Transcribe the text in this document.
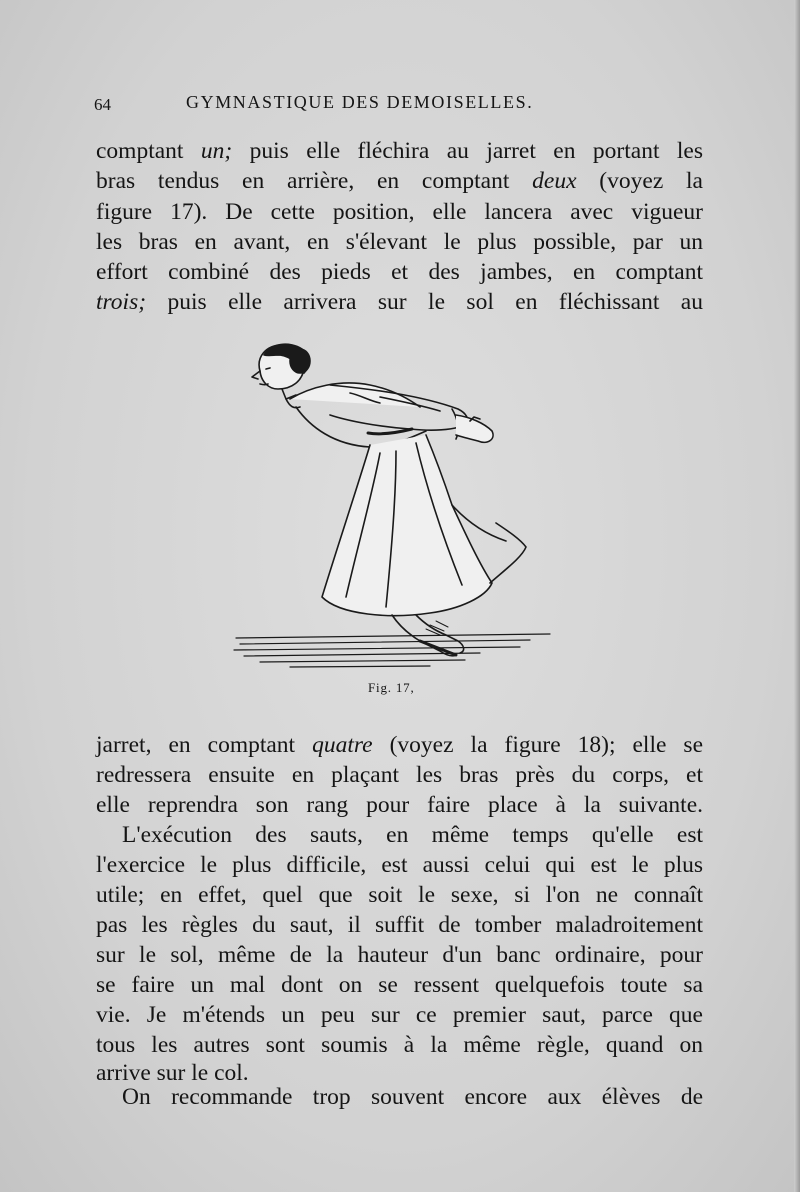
64	GYMNASTIQUE DES DEMOISELLES.
comptant un; puis elle fléchira au jarret en portant les
bras tendus en arrière, en comptant deux (voyez la
figure 17). De cette position, elle lancera avec vigueur
les bras en avant, en s'élevant le plus possible, par un
effort combiné des pieds et des jambes, en comptant
trois; puis elle arrivera sur le sol en fléchissant au
Fig. 17,
jarret, en comptant quatre (voyez la figure 18); elle se
redressera ensuite en plaçant les bras près du corps, et
elle reprendra son rang pour faire place à la suivante.
L'exécution des sauts, en même temps qu'elle est
l'exercice le plus difficile, est aussi celui qui est le plus
utile; en effet, quel que soit le sexe, si l'on ne connaît
pas les règles du saut, il suffit de tomber maladroitement
sur le sol, même de la hauteur d'un banc ordinaire, pour
se faire un mal dont on se ressent quelquefois toute sa
vie. Je m'étends un peu sur ce premier saut, parce que
tous les autres sont soumis à la même règle, quand on
arrive sur le col.
On recommande trop souvent encore aux élèves de
